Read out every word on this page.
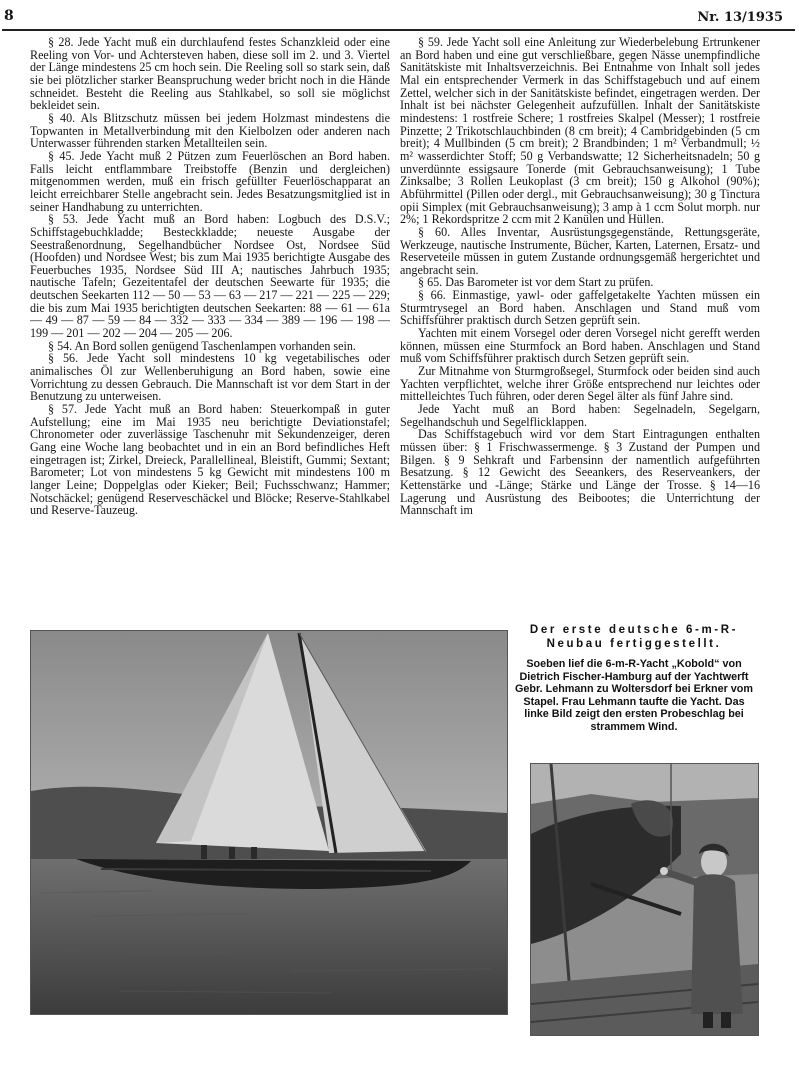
8	Nr. 13/1935

§ 28. Jede Yacht muß ein durchlaufend festes Schanzkleid oder eine Reeling von Vor- und Achtersteven haben, diese soll im 2. und 3. Viertel der Länge mindestens 25 cm hoch sein. Die Reeling soll so stark sein, daß sie bei plötzlicher starker Beanspruchung weder bricht noch in die Hände schneidet. Besteht die Reeling aus Stahlkabel, so soll sie möglichst bekleidet sein.

§ 40. Als Blitzschutz müssen bei jedem Holzmast mindestens die Topwanten in Metallverbindung mit den Kielbolzen oder anderen nach Unterwasser führenden starken Metallteilen sein.

§ 45. Jede Yacht muß 2 Pützen zum Feuerlöschen an Bord haben. Falls leicht entflammbare Treibstoffe (Benzin und dergleichen) mitgenommen werden, muß ein frisch gefüllter Feuerlöschapparat an leicht erreichbarer Stelle angebracht sein. Jedes Besatzungsmitglied ist in seiner Handhabung zu unterrichten.

§ 53. Jede Yacht muß an Bord haben: Logbuch des D.S.V.; Schiffstagebuchkladde; Besteckkladde; neueste Ausgabe der Seestraßenordnung, Segelhandbücher Nordsee Ost, Nordsee Süd (Hoofden) und Nordsee West; bis zum Mai 1935 berichtigte Ausgabe des Feuerbuches 1935, Nordsee Süd III A; nautisches Jahrbuch 1935; nautische Tafeln; Gezeitentafel der deutschen Seewarte für 1935; die deutschen Seekarten 112 — 50 — 53 — 63 — 217 — 221 — 225 — 229; die bis zum Mai 1935 berichtigten deutschen Seekarten: 88 — 61 — 61a — 49 — 87 — 59 — 84 — 332 — 333 — 334 — 389 — 196 — 198 — 199 — 201 — 202 — 204 — 205 — 206.

§ 54. An Bord sollen genügend Taschenlampen vorhanden sein.

§ 56. Jede Yacht soll mindestens 10 kg vegetabilisches oder animalisches Öl zur Wellenberuhigung an Bord haben, sowie eine Vorrichtung zu dessen Gebrauch. Die Mannschaft ist vor dem Start in der Benutzung zu unterweisen.

§ 57. Jede Yacht muß an Bord haben: Steuerkompaß in guter Aufstellung; eine im Mai 1935 neu berichtigte Deviationstafel; Chronometer oder zuverlässige Taschenuhr mit Sekundenzeiger, deren Gang eine Woche lang beobachtet und in ein an Bord befindliches Heft eingetragen ist; Zirkel, Dreieck, Parallellineal, Bleistift, Gummi; Sextant; Barometer; Lot von mindestens 5 kg Gewicht mit mindestens 100 m langer Leine; Doppelglas oder Kieker; Beil; Fuchsschwanz; Hammer; Notschäckel; genügend Reserveschäckel und Blöcke; Reserve-Stahlkabel und Reserve-Tauzeug.

§ 59. Jede Yacht soll eine Anleitung zur Wiederbelebung Ertrunkener an Bord haben und eine gut verschließbare, gegen Nässe unempfindliche Sanitätskiste mit Inhaltsverzeichnis. Bei Entnahme von Inhalt soll jedes Mal ein entsprechender Vermerk in das Schiffstagebuch und auf einem Zettel, welcher sich in der Sanitätskiste befindet, eingetragen werden. Der Inhalt ist bei nächster Gelegenheit aufzufüllen. Inhalt der Sanitätskiste mindestens: 1 rostfreie Schere; 1 rostfreies Skalpel (Messer); 1 rostfreie Pinzette; 2 Trikotschlauchbinden (8 cm breit); 4 Cambridgebinden (5 cm breit); 4 Mullbinden (5 cm breit); 2 Brandbinden; 1 m² Verbandmull; ½ m² wasserdichter Stoff; 50 g Verbandswatte; 12 Sicherheitsnadeln; 50 g unverdünnte essigsaure Tonerde (mit Gebrauchsanweisung); 1 Tube Zinksalbe; 3 Rollen Leukoplast (3 cm breit); 150 g Alkohol (90%); Abführmittel (Pillen oder dergl., mit Gebrauchsanweisung); 30 g Tinctura opii Simplex (mit Gebrauchsanweisung); 3 amp à 1 ccm Solut morph. nur 2%; 1 Rekordspritze 2 ccm mit 2 Kanülen und Hüllen.

§ 60. Alles Inventar, Ausrüstungsgegenstände, Rettungsgeräte, Werkzeuge, nautische Instrumente, Bücher, Karten, Laternen, Ersatz- und Reserveteile müssen in gutem Zustande ordnungsgemäß hergerichtet und angebracht sein.

§ 65. Das Barometer ist vor dem Start zu prüfen.

§ 66. Einmastige, yawl- oder gaffelgetakelte Yachten müssen ein Sturmtrysegel an Bord haben. Anschlagen und Stand muß vom Schiffsführer praktisch durch Setzen geprüft sein.

Yachten mit einem Vorsegel oder deren Vorsegel nicht gerefft werden können, müssen eine Sturmfock an Bord haben. Anschlagen und Stand muß vom Schiffsführer praktisch durch Setzen geprüft sein.

Zur Mitnahme von Sturmgroßsegel, Sturmfock oder beiden sind auch Yachten verpflichtet, welche ihrer Größe entsprechend nur leichtes oder mittelleichtes Tuch führen, oder deren Segel älter als fünf Jahre sind.

Jede Yacht muß an Bord haben: Segelnadeln, Segelgarn, Segelhandschuh und Segelflicklappen.

Das Schiffstagebuch wird vor dem Start Eintragungen enthalten müssen über: § 1 Frischwassermenge. § 3 Zustand der Pumpen und Bilgen. § 9 Sehkraft und Farbensinn der namentlich aufgeführten Besatzung. § 12 Gewicht des Seeankers, des Reserveankers, der Kettenstärke und -Länge; Stärke und Länge der Trosse. § 14—16 Lagerung und Ausrüstung des Beibootes; die Unterrichtung der Mannschaft im

Der erste deutsche 6-m-R-Neubau fertiggestellt.

Soeben lief die 6-m-R-Yacht „Kobold“ von Dietrich Fischer-Hamburg auf der Yachtwerft Gebr. Lehmann zu Woltersdorf bei Erkner vom Stapel. Frau Lehmann taufte die Yacht. Das linke Bild zeigt den ersten Probeschlag bei strammem Wind.
